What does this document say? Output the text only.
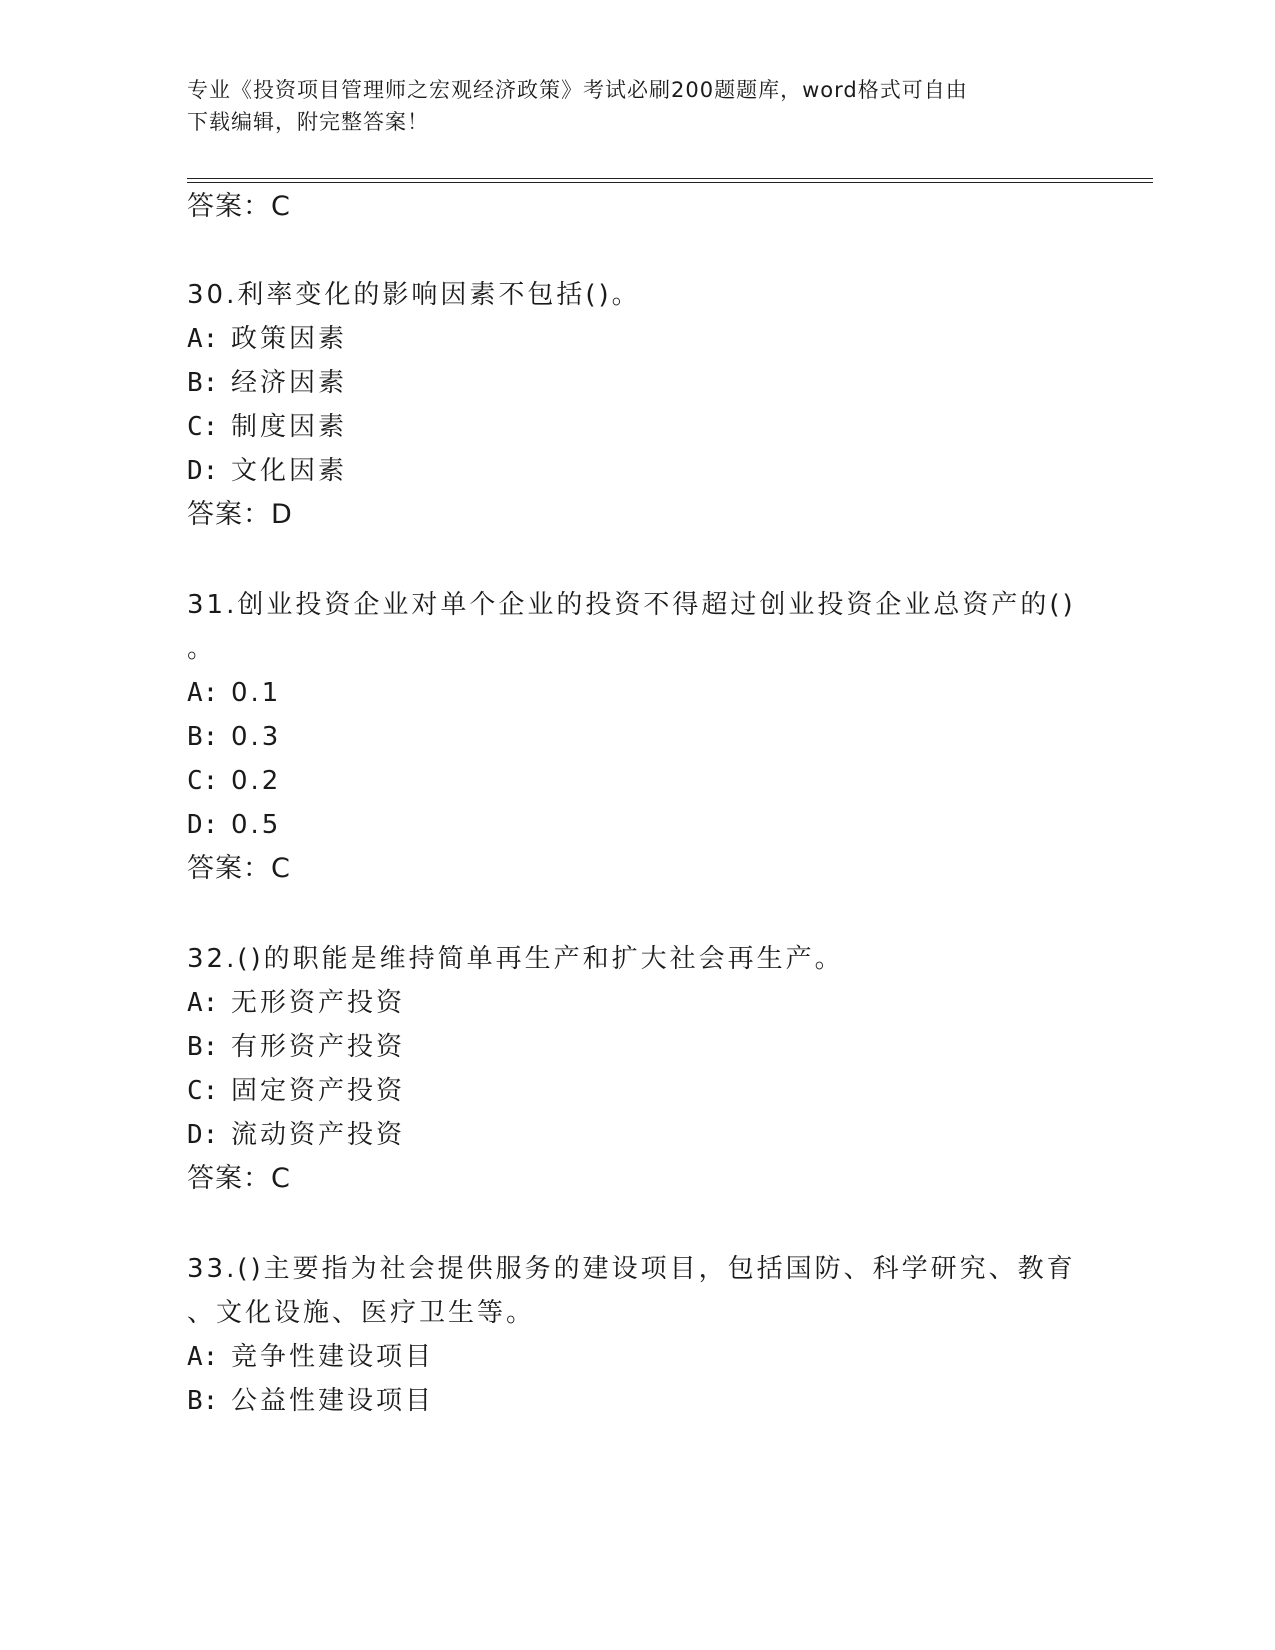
专业《投资项目管理师之宏观经济政策》考试必刷200题题库，word格式可自由
下载编辑，附完整答案！
答案：C
30.利率变化的影响因素不包括()。
A: 政策因素
B: 经济因素
C: 制度因素
D: 文化因素
答案：D
31.创业投资企业对单个企业的投资不得超过创业投资企业总资产的()
。
A: 0.1
B: 0.3
C: 0.2
D: 0.5
答案：C
32.()的职能是维持简单再生产和扩大社会再生产。
A: 无形资产投资
B: 有形资产投资
C: 固定资产投资
D: 流动资产投资
答案：C
33.()主要指为社会提供服务的建设项目，包括国防、科学研究、教育
、文化设施、医疗卫生等。
A: 竞争性建设项目
B: 公益性建设项目
